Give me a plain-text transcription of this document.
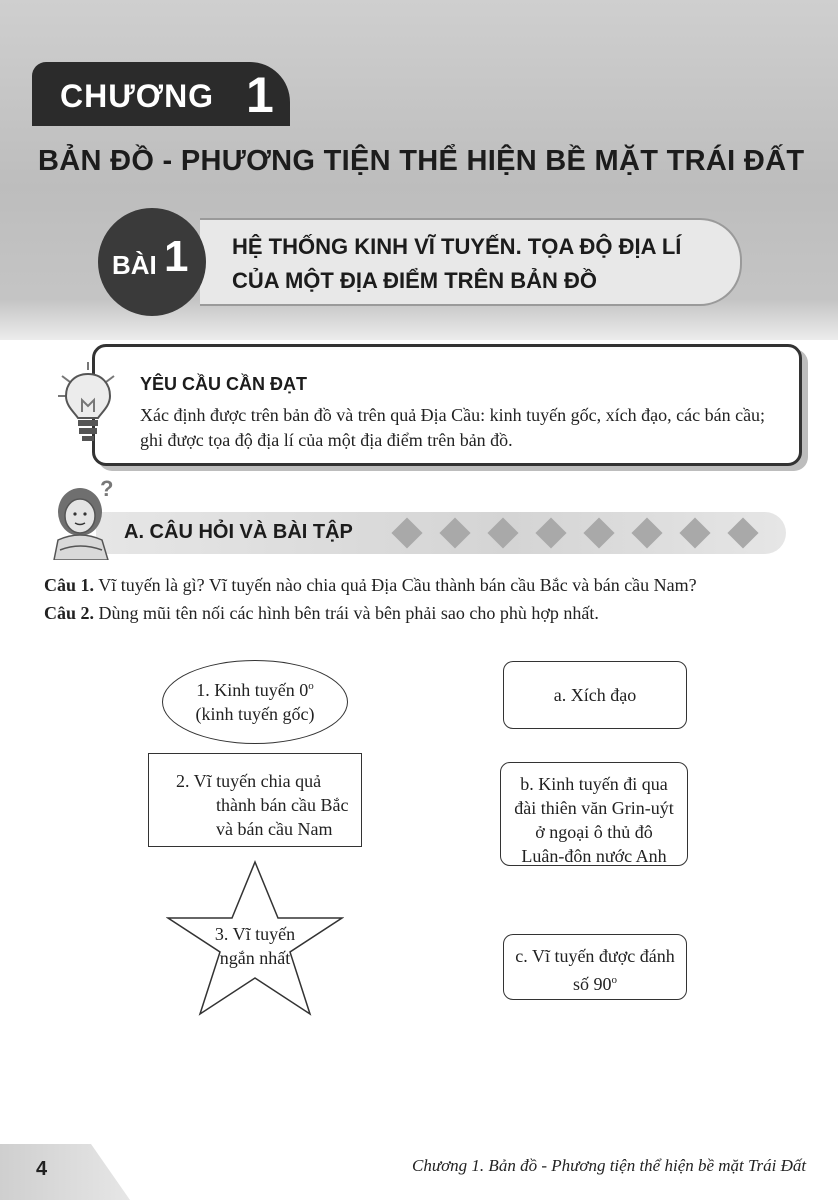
CHƯƠNG 1
BẢN ĐỒ - PHƯƠNG TIỆN THỂ HIỆN BỀ MẶT TRÁI ĐẤT
BÀI 1 HỆ THỐNG KINH VĨ TUYẾN. TỌA ĐỘ ĐỊA LÍ
CỦA MỘT ĐỊA ĐIỂM TRÊN BẢN ĐỒ
YÊU CẦU CẦN ĐẠT
Xác định được trên bản đồ và trên quả Địa Cầu: kinh tuyến gốc, xích đạo, các bán cầu;
ghi được tọa độ địa lí của một địa điểm trên bản đồ.
?
A. CÂU HỎI VÀ BÀI TẬP
Câu 1. Vĩ tuyến là gì? Vĩ tuyến nào chia quả Địa Cầu thành bán cầu Bắc và bán cầu Nam?
Câu 2. Dùng mũi tên nối các hình bên trái và bên phải sao cho phù hợp nhất.
1. Kinh tuyến 0$^o$
(kinh tuyến gốc)
2. Vĩ tuyến chia quả
thành bán cầu Bắc
và bán cầu Nam
3. Vĩ tuyến
ngắn nhất
a. Xích đạo
b. Kinh tuyến đi qua
đài thiên văn Grin-uýt
ở ngoại ô thủ đô
Luân-đôn nước Anh
c. Vĩ tuyến được đánh
số 90$^o$
4	Chương 1. Bản đồ - Phương tiện thể hiện bề mặt Trái Đất
